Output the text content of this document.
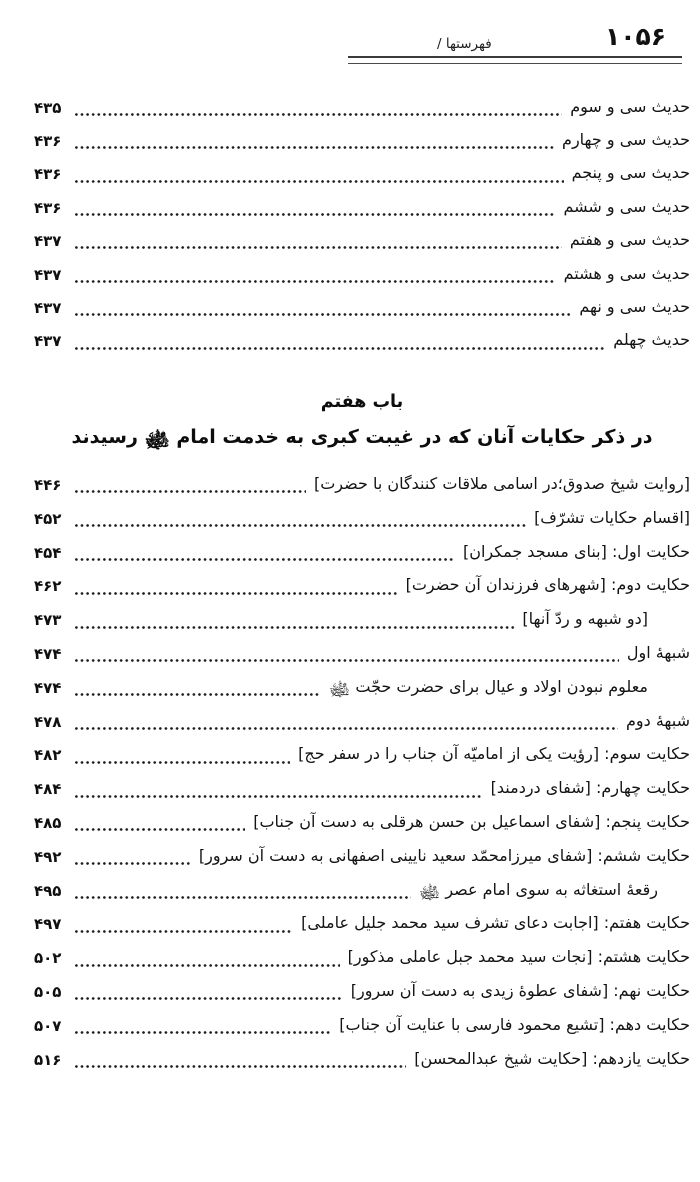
۱۰۵۶
فهرستها /
حدیث سی و سوم
۴۳۵
حدیث سی و چهارم
۴۳۶
حدیث سی و پنجم
۴۳۶
حدیث سی و ششم
۴۳۶
حدیث سی و هفتم
۴۳۷
حدیث سی و هشتم
۴۳۷
حدیث سی و نهم
۴۳۷
حدیث چهلم
۴۳۷
باب هفتم
در ذکر حکایات آنان که در غیبت کبری به خدمت امام ﵊ رسیدند
[روایت شیخ صدوق؛در اسامی ملاقات کنندگان با حضرت]
۴۴۶
[اقسام حکایات تشرّف]
۴۵۲
حکایت اول: [بنای مسجد جمکران]
۴۵۴
حکایت دوم: [شهرهای فرزندان آن حضرت]
۴۶۲
[دو شبهه و ردّ آنها]
۴۷۳
شبهۀ اول
۴۷۴
معلوم نبودن اولاد و عیال برای حضرت حجّت ﵊
۴۷۴
شبهۀ دوم
۴۷۸
حکایت سوم: [رؤیت یکی از امامیّه آن جناب را در سفر حج]
۴۸۲
حکایت چهارم: [شفای دردمند]
۴۸۴
حکایت پنجم: [شفای اسماعیل بن حسن هرقلی به دست آن جناب]
۴۸۵
حکایت ششم: [شفای میرزامحمّد سعید نایینی اصفهانی به دست آن سرور]
۴۹۲
رقعۀ استغاثه به سوی امام عصر ﵊
۴۹۵
حکایت هفتم: [اجابت دعای تشرف سید محمد جلیل عاملی]
۴۹۷
حکایت هشتم: [نجات سید محمد جبل عاملی مذکور]
۵۰۲
حکایت نهم: [شفای عطوۀ زیدی به دست آن سرور]
۵۰۵
حکایت دهم: [تشیع محمود فارسی با عنایت آن جناب]
۵۰۷
حکایت یازدهم: [حکایت شیخ عبدالمحسن]
۵۱۶
